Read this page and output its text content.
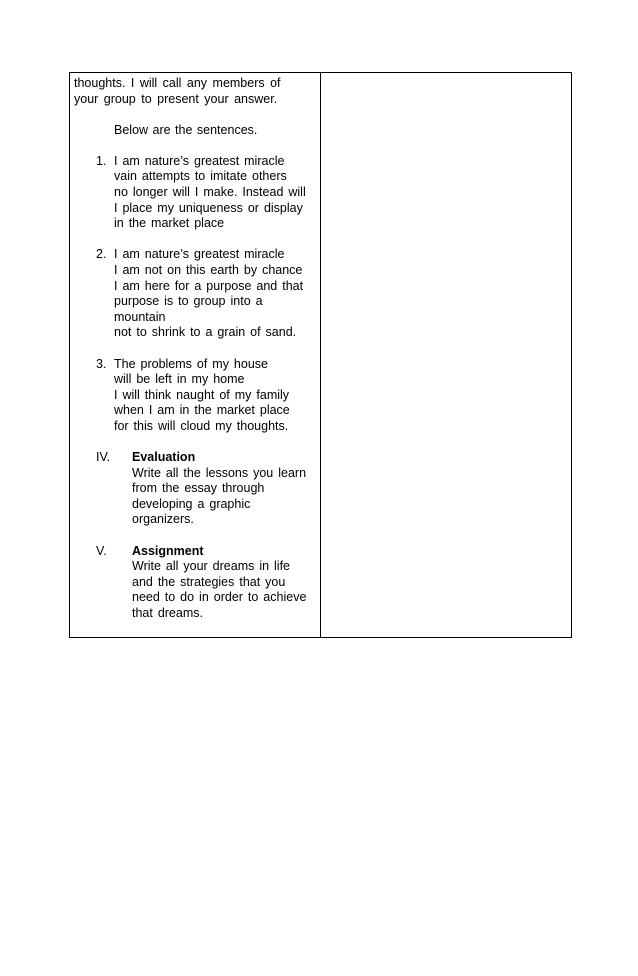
thoughts. I will call any members of
your group to present your answer.
Below are the sentences.
1. I am nature’s greatest miracle
vain attempts to imitate others
no longer will I make. Instead will
I place my uniqueness or display
in the market place
2. I am nature’s greatest miracle
I am not on this earth by chance
I am here for a purpose and that
purpose is to group into a
mountain
not to shrink to a grain of sand.
3. The problems of my house
will be left in my home
I will think naught of my family
when I am in the market place
for this will cloud my thoughts.
IV. Evaluation
Write all the lessons you learn
from the essay through
developing a graphic
organizers.
V. Assignment
Write all your dreams in life
and the strategies that you
need to do in order to achieve
that dreams.
